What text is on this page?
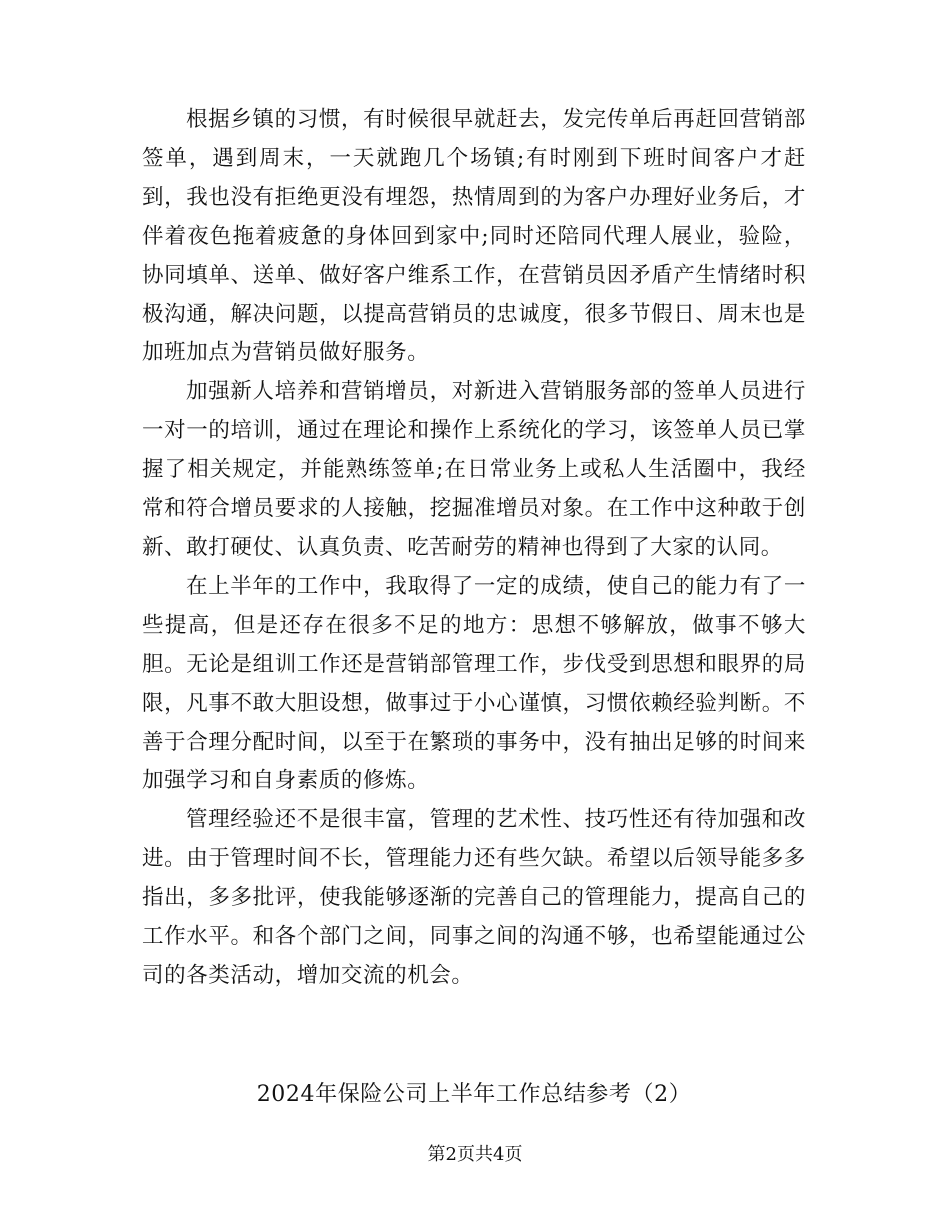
根据乡镇的习惯，有时候很早就赶去，发完传单后再赶回营销部签单，遇到周末，一天就跑几个场镇;有时刚到下班时间客户才赶到，我也没有拒绝更没有埋怨，热情周到的为客户办理好业务后，才伴着夜色拖着疲惫的身体回到家中;同时还陪同代理人展业，验险，协同填单、送单、做好客户维系工作，在营销员因矛盾产生情绪时积极沟通，解决问题，以提高营销员的忠诚度，很多节假日、周末也是加班加点为营销员做好服务。

加强新人培养和营销增员，对新进入营销服务部的签单人员进行一对一的培训，通过在理论和操作上系统化的学习，该签单人员已掌握了相关规定，并能熟练签单;在日常业务上或私人生活圈中，我经常和符合增员要求的人接触，挖掘准增员对象。在工作中这种敢于创新、敢打硬仗、认真负责、吃苦耐劳的精神也得到了大家的认同。

在上半年的工作中，我取得了一定的成绩，使自己的能力有了一些提高，但是还存在很多不足的地方：思想不够解放，做事不够大胆。无论是组训工作还是营销部管理工作，步伐受到思想和眼界的局限，凡事不敢大胆设想，做事过于小心谨慎，习惯依赖经验判断。不善于合理分配时间，以至于在繁琐的事务中，没有抽出足够的时间来加强学习和自身素质的修炼。

管理经验还不是很丰富，管理的艺术性、技巧性还有待加强和改进。由于管理时间不长，管理能力还有些欠缺。希望以后领导能多多指出，多多批评，使我能够逐渐的完善自己的管理能力，提高自己的工作水平。和各个部门之间，同事之间的沟通不够，也希望能通过公司的各类活动，增加交流的机会。

2024年保险公司上半年工作总结参考（2）
第2页共4页
